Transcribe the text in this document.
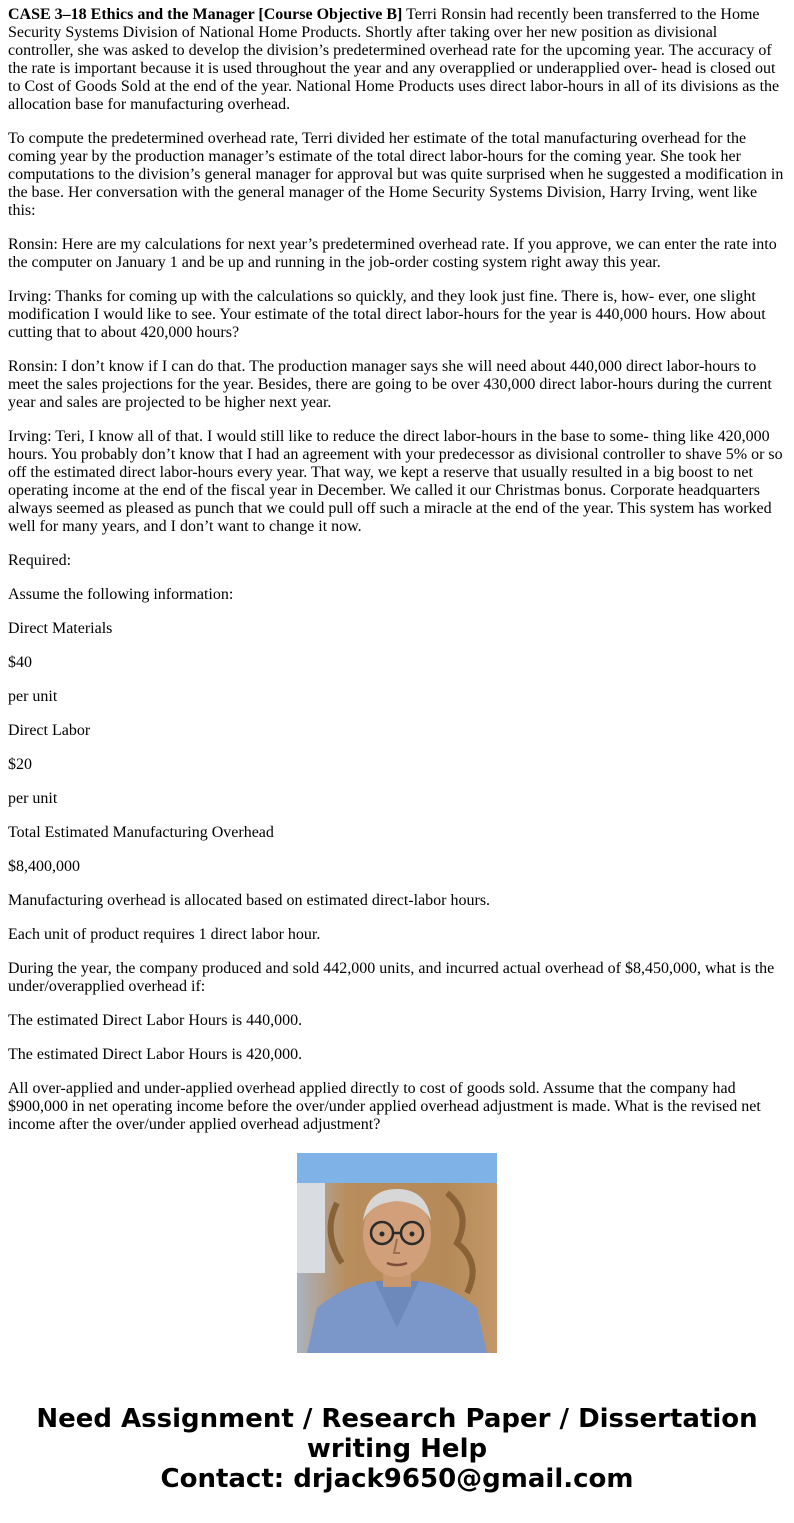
CASE 3–18 Ethics and the Manager [Course Objective B] Terri Ronsin had recently been transferred to the Home Security Systems Division of National Home Products. Shortly after taking over her new position as divisional controller, she was asked to develop the division’s predetermined overhead rate for the upcoming year. The accuracy of the rate is important because it is used throughout the year and any overapplied or underapplied over- head is closed out to Cost of Goods Sold at the end of the year. National Home Products uses direct labor-hours in all of its divisions as the allocation base for manufacturing overhead.

To compute the predetermined overhead rate, Terri divided her estimate of the total manufacturing overhead for the coming year by the production manager’s estimate of the total direct labor-hours for the coming year. She took her computations to the division’s general manager for approval but was quite surprised when he suggested a modification in the base. Her conversation with the general manager of the Home Security Systems Division, Harry Irving, went like this:

Ronsin: Here are my calculations for next year’s predetermined overhead rate. If you approve, we can enter the rate into the computer on January 1 and be up and running in the job-order costing system right away this year.

Irving: Thanks for coming up with the calculations so quickly, and they look just fine. There is, how- ever, one slight modification I would like to see. Your estimate of the total direct labor-hours for the year is 440,000 hours. How about cutting that to about 420,000 hours?

Ronsin: I don’t know if I can do that. The production manager says she will need about 440,000 direct labor-hours to meet the sales projections for the year. Besides, there are going to be over 430,000 direct labor-hours during the current year and sales are projected to be higher next year.

Irving: Teri, I know all of that. I would still like to reduce the direct labor-hours in the base to some- thing like 420,000 hours. You probably don’t know that I had an agreement with your predecessor as divisional controller to shave 5% or so off the estimated direct labor-hours every year. That way, we kept a reserve that usually resulted in a big boost to net operating income at the end of the fiscal year in December. We called it our Christmas bonus. Corporate headquarters always seemed as pleased as punch that we could pull off such a miracle at the end of the year. This system has worked well for many years, and I don’t want to change it now.

Required:

Assume the following information:

Direct Materials

$40

per unit

Direct Labor

$20

per unit

Total Estimated Manufacturing Overhead

$8,400,000

Manufacturing overhead is allocated based on estimated direct-labor hours.

Each unit of product requires 1 direct labor hour.

During the year, the company produced and sold 442,000 units, and incurred actual overhead of $8,450,000, what is the under/overapplied overhead if:

The estimated Direct Labor Hours is 440,000.

The estimated Direct Labor Hours is 420,000.

All over-applied and under-applied overhead applied directly to cost of goods sold. Assume that the company had $900,000 in net operating income before the over/under applied overhead adjustment is made. What is the revised net income after the over/under applied overhead adjustment?

Need Assignment / Research Paper / Dissertation
writing Help
Contact: drjack9650@gmail.com
